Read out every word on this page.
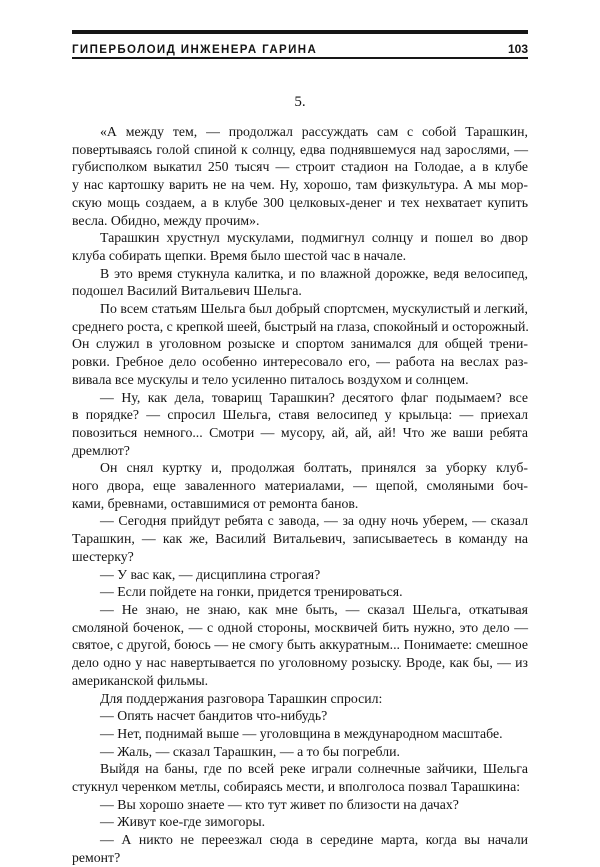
ГИПЕРБОЛОИД ИНЖЕНЕРА ГАРИНА	103
5.
«А между тем, — продолжал рассуждать сам с собой Тарашкин,
повертываясь голой спиной к солнцу, едва поднявшемуся над зарослями, —
губисполком выкатил 250 тысяч — строит стадион на Голодае, а в клубе
у нас картошку варить не на чем. Ну, хорошо, там физкультура. А мы мор-
скую мощь создаем, а в клубе 300 целковых-денег и тех нехватает купить
весла. Обидно, между прочим».
Тарашкин хрустнул мускулами, подмигнул солнцу и пошел во двор
клуба собирать щепки. Время было шестой час в начале.
В это время стукнула калитка, и по влажной дорожке, ведя велосипед,
подошел Василий Витальевич Шельга.
По всем статьям Шельга был добрый спортсмен, мускулистый и легкий,
среднего роста, с крепкой шеей, быстрый на глаза, спокойный и осторожный.
Он служил в уголовном розыске и спортом занимался для общей трени-
ровки. Гребное дело особенно интересовало его, — работа на веслах раз-
вивала все мускулы и тело усиленно питалось воздухом и солнцем.
— Ну, как дела, товарищ Тарашкин? десятого флаг подымаем? все
в порядке? — спросил Шельга, ставя велосипед у крыльца: — приехал
повозиться немного... Смотри — мусору, ай, ай, ай! Что же ваши ребята
дремлют?
Он снял куртку и, продолжая болтать, принялся за уборку клуб-
ного двора, еще заваленного материалами, — щепой, смоляными боч-
ками, бревнами, оставшимися от ремонта банов.
— Сегодня прийдут ребята с завода, — за одну ночь уберем, — сказал
Тарашкин, — как же, Василий Витальевич, записываетесь в команду на
шестерку?
— У вас как, — дисциплина строгая?
— Если пойдете на гонки, придется тренироваться.
— Не знаю, не знаю, как мне быть, — сказал Шельга, откатывая
смоляной боченок, — с одной стороны, москвичей бить нужно, это дело —
святое, с другой, боюсь — не смогу быть аккуратным... Понимаете: смешное
дело одно у нас навертывается по уголовному розыску. Вроде, как бы, — из
американской фильмы.
Для поддержания разговора Тарашкин спросил:
— Опять насчет бандитов что-нибудь?
— Нет, поднимай выше — уголовщина в международном масштабе.
— Жаль, — сказал Тарашкин, — а то бы погребли.
Выйдя на баны, где по всей реке играли солнечные зайчики, Шельга
стукнул черенком метлы, собираясь мести, и вполголоса позвал Тарашкина:
— Вы хорошо знаете — кто тут живет по близости на дачах?
— Живут кое-где зимогоры.
— А никто не переезжал сюда в середине марта, когда вы начали
ремонт?
